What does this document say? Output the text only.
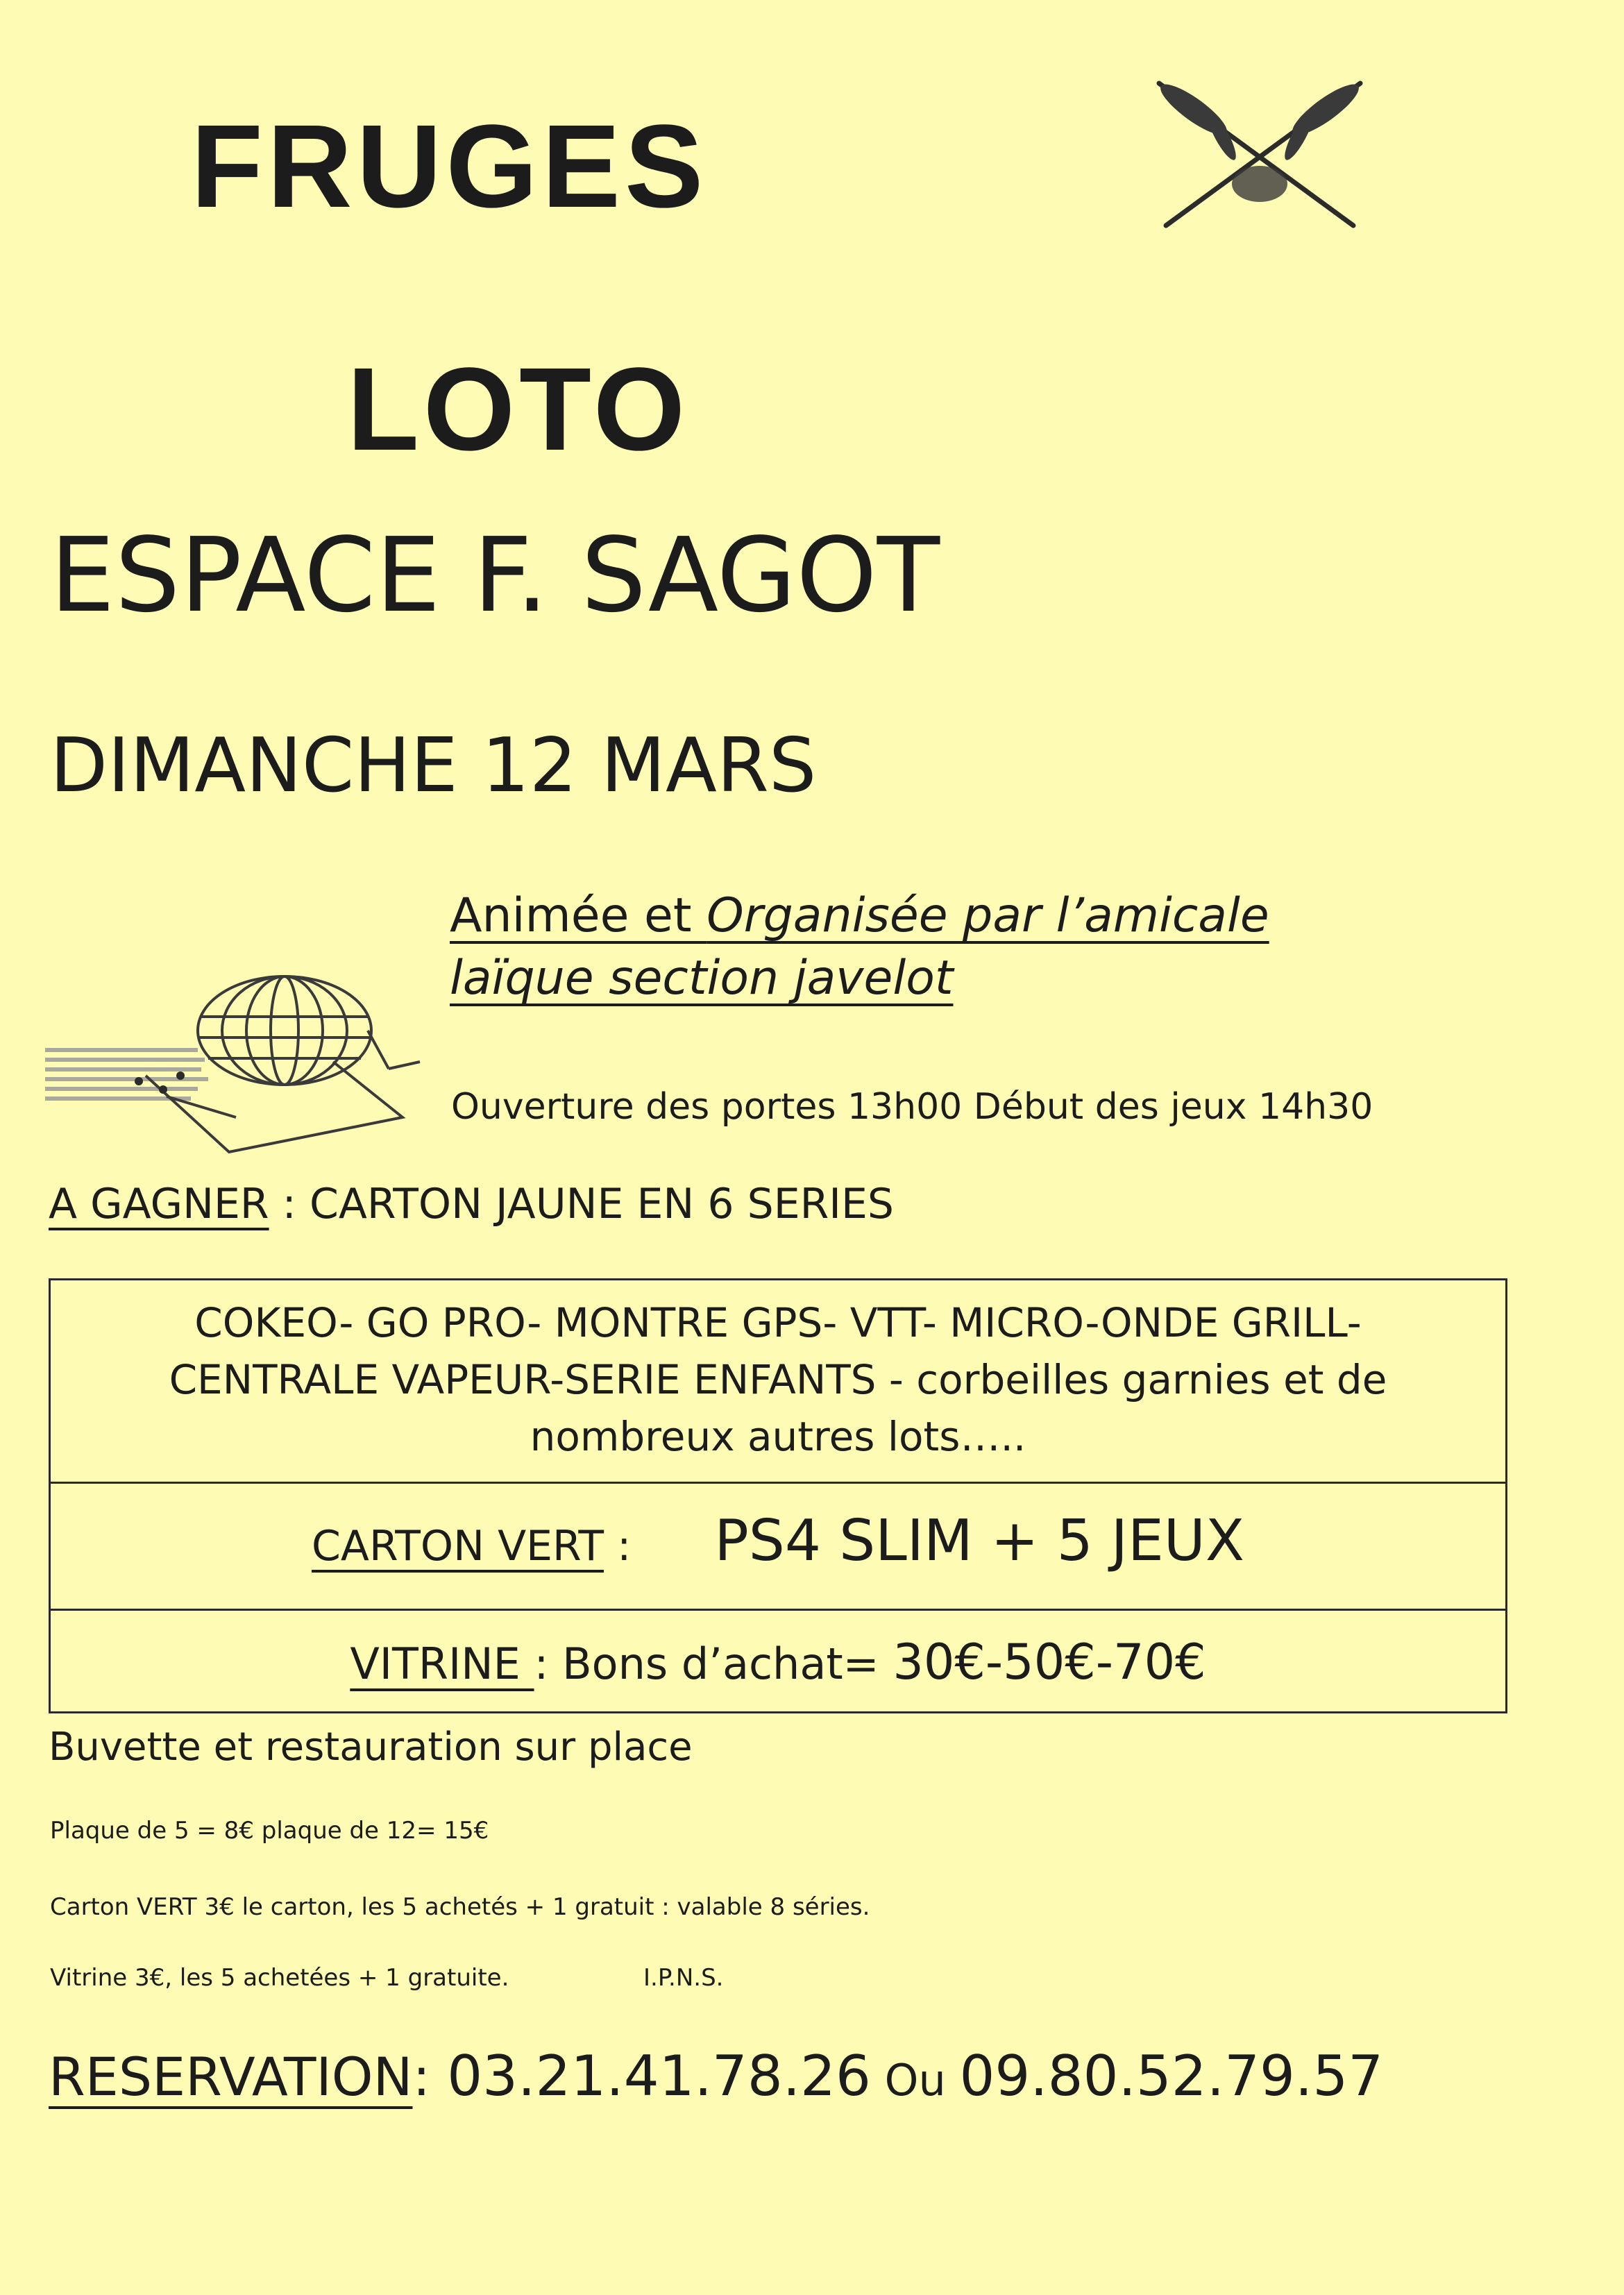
FRUGES
LOTO
ESPACE F. SAGOT
DIMANCHE 12 MARS
Animée et Organisée par l’amicale
laïque section javelot
Ouverture des portes 13h00 Début des jeux 14h30
A GAGNER : CARTON JAUNE EN 6 SERIES
COKEO- GO PRO- MONTRE GPS- VTT- MICRO-ONDE GRILL- CENTRALE VAPEUR-SERIE ENFANTS - corbeilles garnies et de nombreux autres lots…..
CARTON VERT : PS4 SLIM + 5 JEUX
VITRINE : Bons d’achat= 30€-50€-70€
Buvette et restauration sur place
Plaque de 5 = 8€ plaque de 12= 15€
Carton VERT 3€ le carton, les 5 achetés + 1 gratuit : valable 8 séries.
Vitrine 3€, les 5 achetées + 1 gratuite.	I.P.N.S.
RESERVATION: 03.21.41.78.26 Ou 09.80.52.79.57
